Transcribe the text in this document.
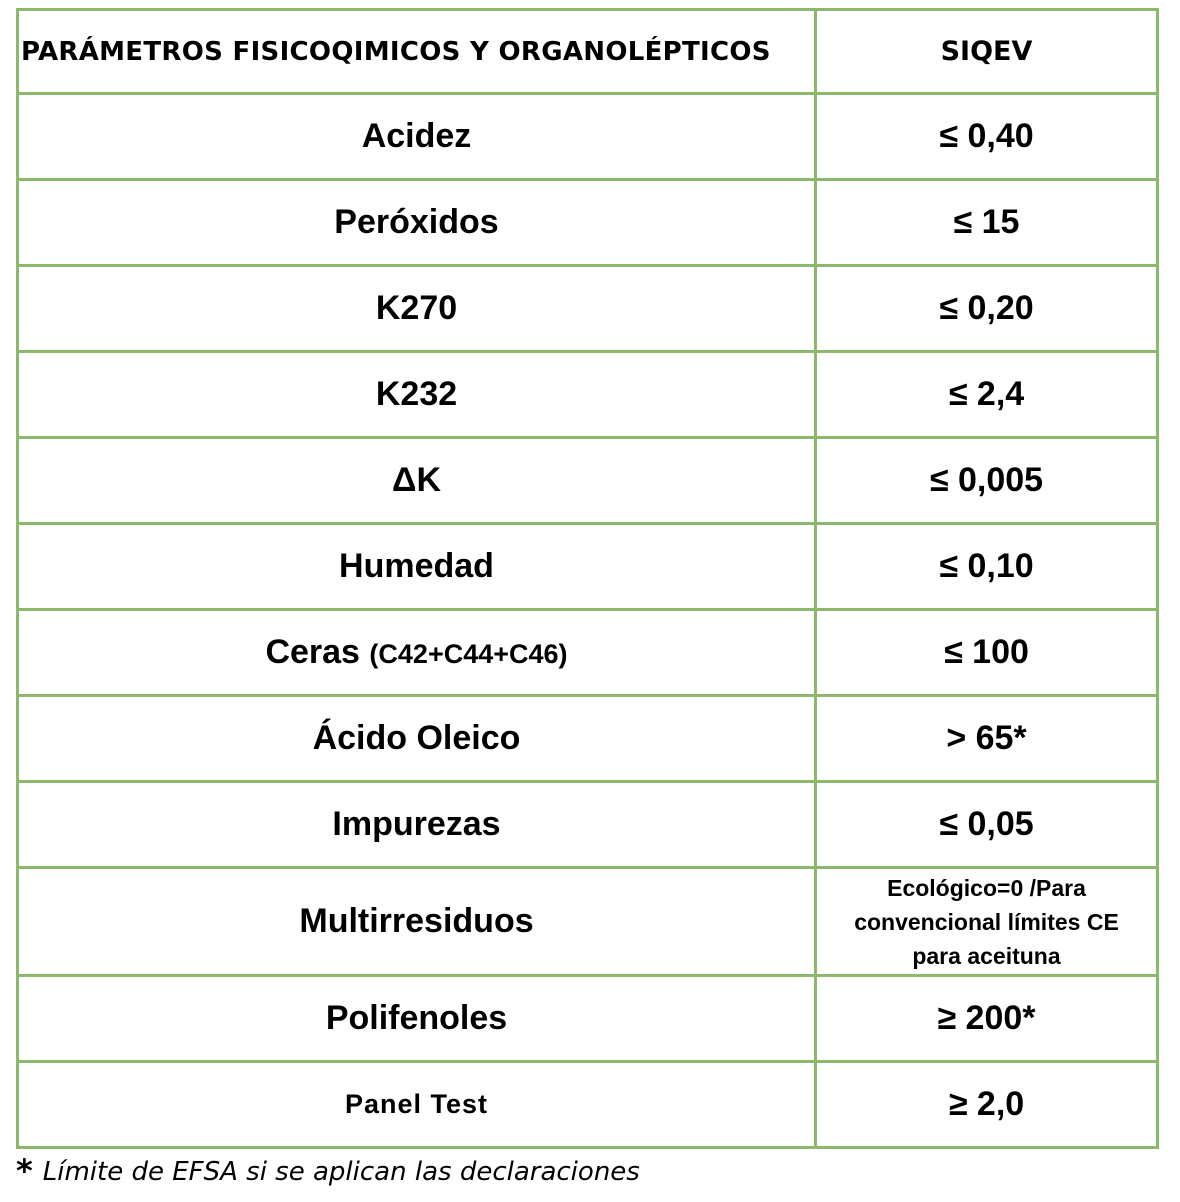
PARÁMETROS FISICOQIMICOS Y ORGANOLÉPTICOS	SIQEV
Acidez	≤ 0,40
Peróxidos	≤ 15
K270	≤ 0,20
K232	≤ 2,4
ΔK	≤ 0,005
Humedad	≤ 0,10
Ceras (C42+C44+C46)	≤ 100
Ácido Oleico	> 65*
Impurezas	≤ 0,05
Multirresiduos	Ecológico=0 /Para
convencional límites CE
para aceituna

Polifenoles	≥ 200*
Panel Test	≥ 2,0
* Límite de EFSA si se aplican las declaraciones
